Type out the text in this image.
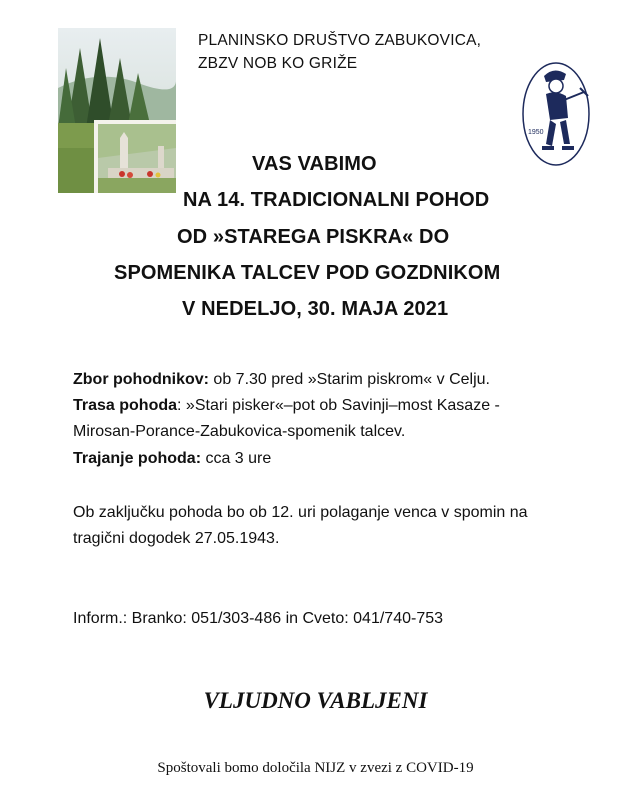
PLANINSKO DRUŠTVO ZABUKOVICA,
ZBZV NOB KO GRIŽE
1950
VAS VABIMO
NA 14. TRADICIONALNI POHOD
OD »STAREGA PISKRA« DO
SPOMENIKA TALCEV POD GOZDNIKOM
V NEDELJO, 30. MAJA 2021
Zbor pohodnikov: ob 7.30 pred »Starim piskrom« v Celju.
Trasa pohoda: »Stari pisker«–pot ob Savinji–most Kasaze -
Mirosan-Porance-Zabukovica-spomenik talcev.
Trajanje pohoda: cca 3 ure
Ob zaključku pohoda bo ob 12. uri polaganje venca v spomin na
tragični dogodek 27.05.1943.
Inform.: Branko: 051/303-486 in Cveto: 041/740-753
VLJUDNO VABLJENI
Spoštovali bomo določila NIJZ v zvezi z COVID-19
